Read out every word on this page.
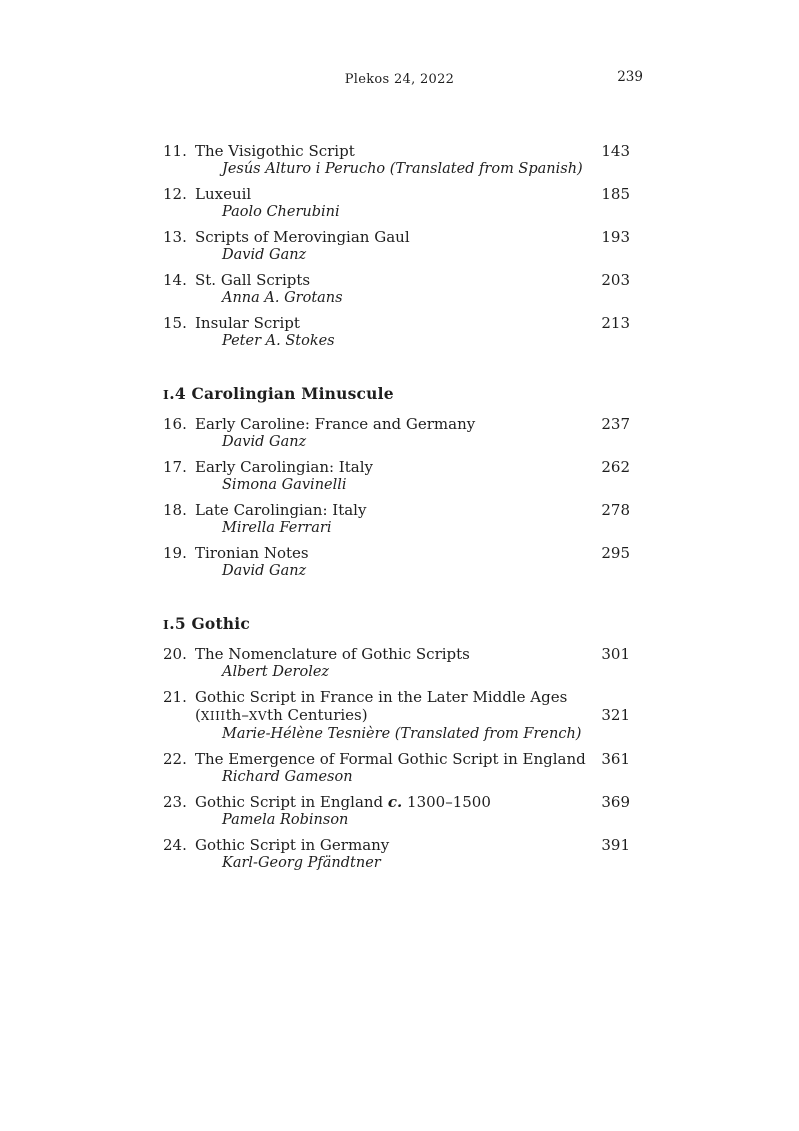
Plekos 24, 2022	239
11. The Visigothic Script	143
Jesús Alturo i Perucho (Translated from Spanish)
12. Luxeuil	185
Paolo Cherubini
13. Scripts of Merovingian Gaul	193
David Ganz
14. St. Gall Scripts	203
Anna A. Grotans
15. Insular Script	213
Peter A. Stokes
I.4 Carolingian Minuscule
16. Early Caroline: France and Germany	237
David Ganz
17. Early Carolingian: Italy	262
Simona Gavinelli
18. Late Carolingian: Italy	278
Mirella Ferrari
19. Tironian Notes	295
David Ganz
I.5 Gothic
20. The Nomenclature of Gothic Scripts	301
Albert Derolez
21. Gothic Script in France in the Later Middle Ages
(XIIIth–XVth Centuries)	321
Marie-Hélène Tesnière (Translated from French)
22. The Emergence of Formal Gothic Script in England	361
Richard Gameson
23. Gothic Script in England c. 1300–1500	369
Pamela Robinson
24. Gothic Script in Germany	391
Karl-Georg Pfändtner
